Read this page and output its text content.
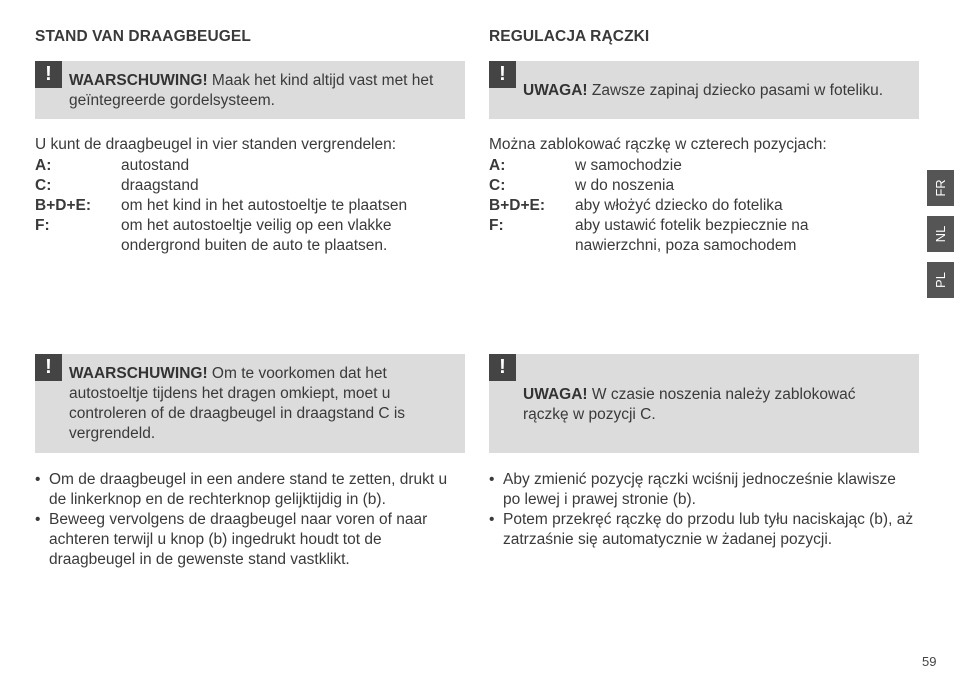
STAND VAN DRAAGBEUGEL
!	WAARSCHUWING! Maak het kind altijd vast met het geïntegreerde gordelsysteem.
U kunt de draagbeugel in vier standen vergrendelen:
A:	autostand
C:	draagstand
B+D+E: om het kind in het autostoeltje te plaatsen
F:	om het autostoeltje veilig op een vlakke ondergrond buiten de auto te plaatsen.
!	WAARSCHUWING! Om te voorkomen dat het autostoeltje tijdens het dragen omkiept, moet u controleren of de draagbeugel in draagstand C is vergrendeld.
• Om de draagbeugel in een andere stand te zetten, drukt u de linkerknop en de rechterknop gelijktijdig in (b).
• Beweeg vervolgens de draagbeugel naar voren of naar achteren terwijl u knop (b) ingedrukt houdt tot de draagbeugel in de gewenste stand vastklikt.
REGULACJA RĄCZKI
!
UWAGA! Zawsze zapinaj dziecko pasami w foteliku.
Można zablokować rączkę w czterech pozycjach:
A:	w samochodzie
C:	w do noszenia
B+D+E: aby włożyć dziecko do fotelika
F:	aby ustawić fotelik bezpiecznie na nawierzchni, poza samochodem
!
UWAGA! W czasie noszenia należy zablokować rączkę w pozycji C.
• Aby zmienić pozycję rączki wciśnij jednocześnie klawisze po lewej i prawej stronie (b).
• Potem przekręć rączkę do przodu lub tyłu naciskając (b), aż zatrzaśnie się automatycznie w żadanej pozycji.
FR
NL
PL
59
